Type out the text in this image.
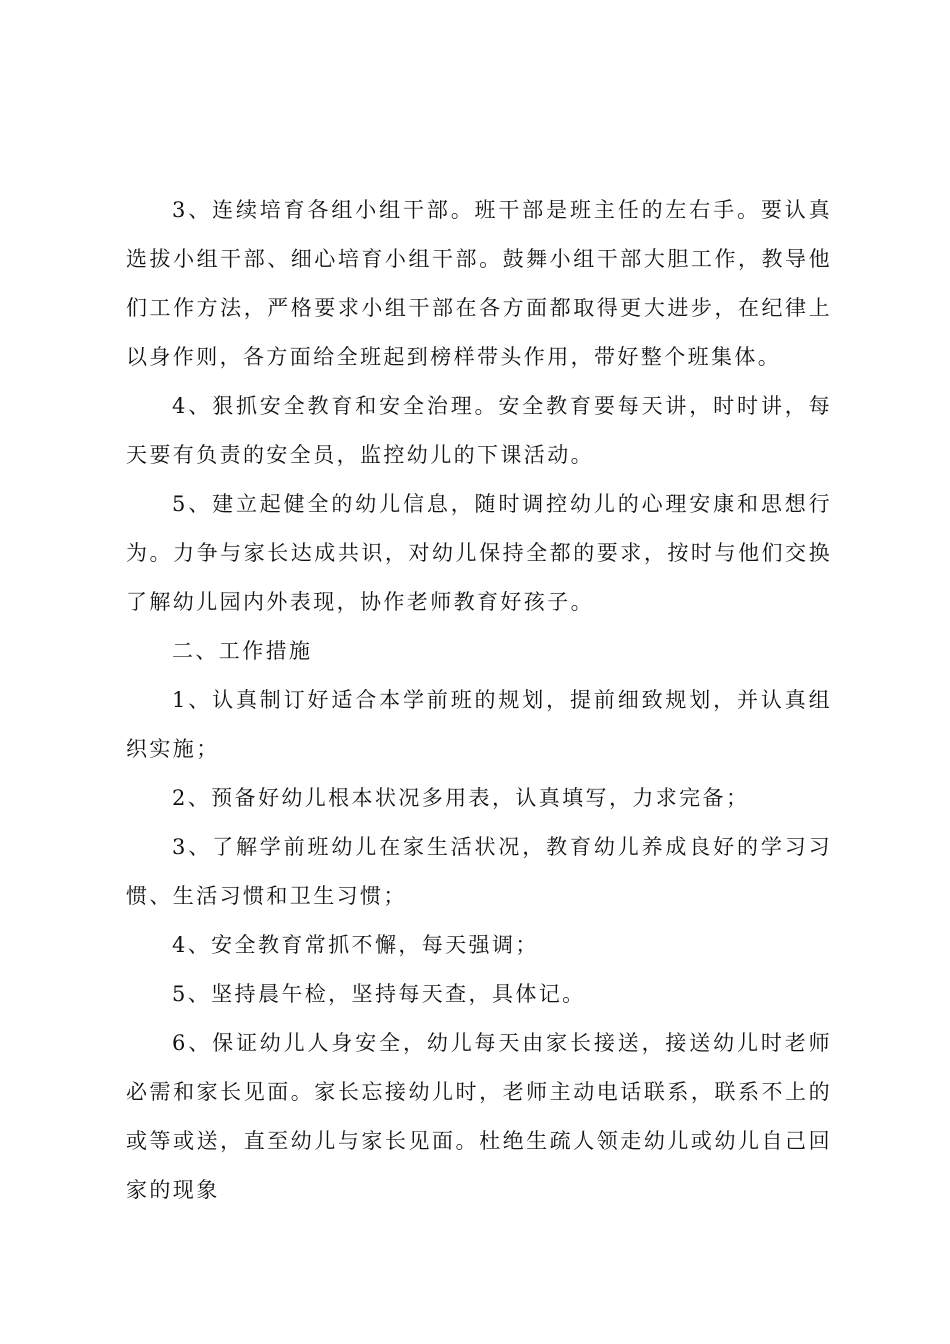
3、连续培育各组小组干部。班干部是班主任的左右手。要认真选拔小组干部、细心培育小组干部。鼓舞小组干部大胆工作，教导他们工作方法，严格要求小组干部在各方面都取得更大进步，在纪律上以身作则，各方面给全班起到榜样带头作用，带好整个班集体。

4、狠抓安全教育和安全治理。安全教育要每天讲，时时讲，每天要有负责的安全员，监控幼儿的下课活动。

5、建立起健全的幼儿信息，随时调控幼儿的心理安康和思想行为。力争与家长达成共识，对幼儿保持全都的要求，按时与他们交换了解幼儿园内外表现，协作老师教育好孩子。

二、工作措施

1、认真制订好适合本学前班的规划，提前细致规划，并认真组织实施；

2、预备好幼儿根本状况多用表，认真填写，力求完备；

3、了解学前班幼儿在家生活状况，教育幼儿养成良好的学习习惯、生活习惯和卫生习惯；

4、安全教育常抓不懈，每天强调；

5、坚持晨午检，坚持每天查，具体记。

6、保证幼儿人身安全，幼儿每天由家长接送，接送幼儿时老师必需和家长见面。家长忘接幼儿时，老师主动电话联系，联系不上的或等或送，直至幼儿与家长见面。杜绝生疏人领走幼儿或幼儿自己回家的现象
